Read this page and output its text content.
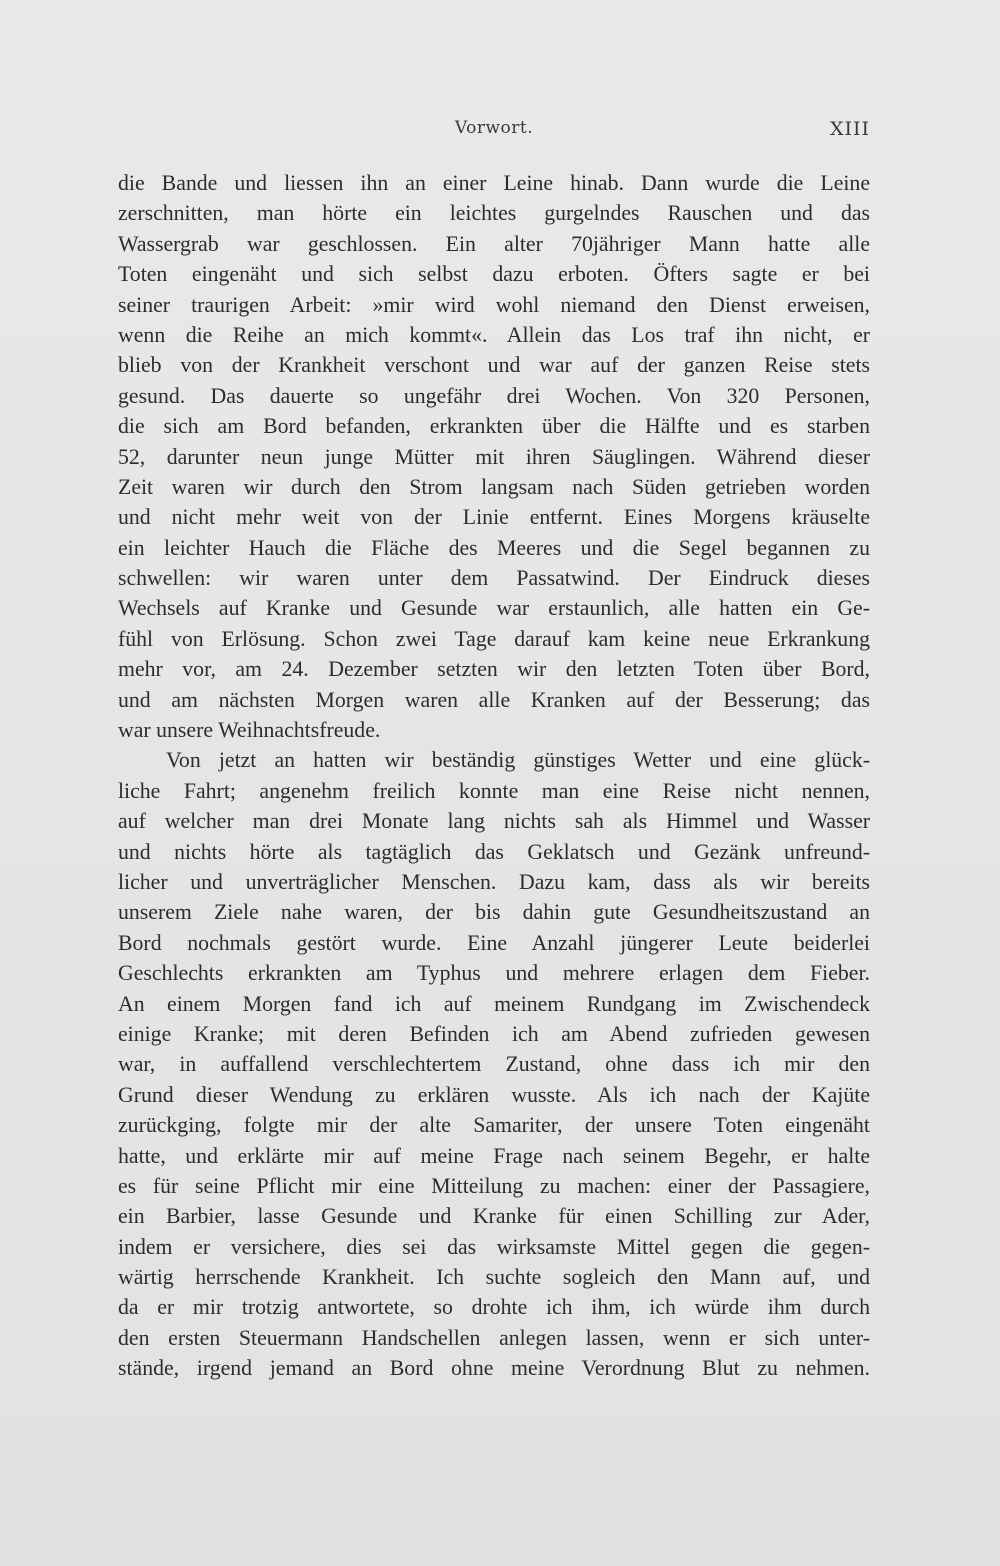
Vorwort.	XIII
die Bande und liessen ihn an einer Leine hinab. Dann wurde die Leine
zerschnitten, man hörte ein leichtes gurgelndes Rauschen und das
Wassergrab war geschlossen. Ein alter 70jähriger Mann hatte alle
Toten eingenäht und sich selbst dazu erboten. Öfters sagte er bei
seiner traurigen Arbeit: »mir wird wohl niemand den Dienst erweisen,
wenn die Reihe an mich kommt«. Allein das Los traf ihn nicht, er
blieb von der Krankheit verschont und war auf der ganzen Reise stets
gesund. Das dauerte so ungefähr drei Wochen. Von 320 Personen,
die sich am Bord befanden, erkrankten über die Hälfte und es starben
52, darunter neun junge Mütter mit ihren Säuglingen. Während dieser
Zeit waren wir durch den Strom langsam nach Süden getrieben worden
und nicht mehr weit von der Linie entfernt. Eines Morgens kräuselte
ein leichter Hauch die Fläche des Meeres und die Segel begannen zu
schwellen: wir waren unter dem Passatwind. Der Eindruck dieses
Wechsels auf Kranke und Gesunde war erstaunlich, alle hatten ein Ge-
fühl von Erlösung. Schon zwei Tage darauf kam keine neue Erkrankung
mehr vor, am 24. Dezember setzten wir den letzten Toten über Bord,
und am nächsten Morgen waren alle Kranken auf der Besserung; das
war unsere Weihnachtsfreude.
Von jetzt an hatten wir beständig günstiges Wetter und eine glück-
liche Fahrt; angenehm freilich konnte man eine Reise nicht nennen,
auf welcher man drei Monate lang nichts sah als Himmel und Wasser
und nichts hörte als tagtäglich das Geklatsch und Gezänk unfreund-
licher und unverträglicher Menschen. Dazu kam, dass als wir bereits
unserem Ziele nahe waren, der bis dahin gute Gesundheitszustand an
Bord nochmals gestört wurde. Eine Anzahl jüngerer Leute beiderlei
Geschlechts erkrankten am Typhus und mehrere erlagen dem Fieber.
An einem Morgen fand ich auf meinem Rundgang im Zwischendeck
einige Kranke; mit deren Befinden ich am Abend zufrieden gewesen
war, in auffallend verschlechtertem Zustand, ohne dass ich mir den
Grund dieser Wendung zu erklären wusste. Als ich nach der Kajüte
zurückging, folgte mir der alte Samariter, der unsere Toten eingenäht
hatte, und erklärte mir auf meine Frage nach seinem Begehr, er halte
es für seine Pflicht mir eine Mitteilung zu machen: einer der Passagiere,
ein Barbier, lasse Gesunde und Kranke für einen Schilling zur Ader,
indem er versichere, dies sei das wirksamste Mittel gegen die gegen-
wärtig herrschende Krankheit. Ich suchte sogleich den Mann auf, und
da er mir trotzig antwortete, so drohte ich ihm, ich würde ihm durch
den ersten Steuermann Handschellen anlegen lassen, wenn er sich unter-
stände, irgend jemand an Bord ohne meine Verordnung Blut zu nehmen.
